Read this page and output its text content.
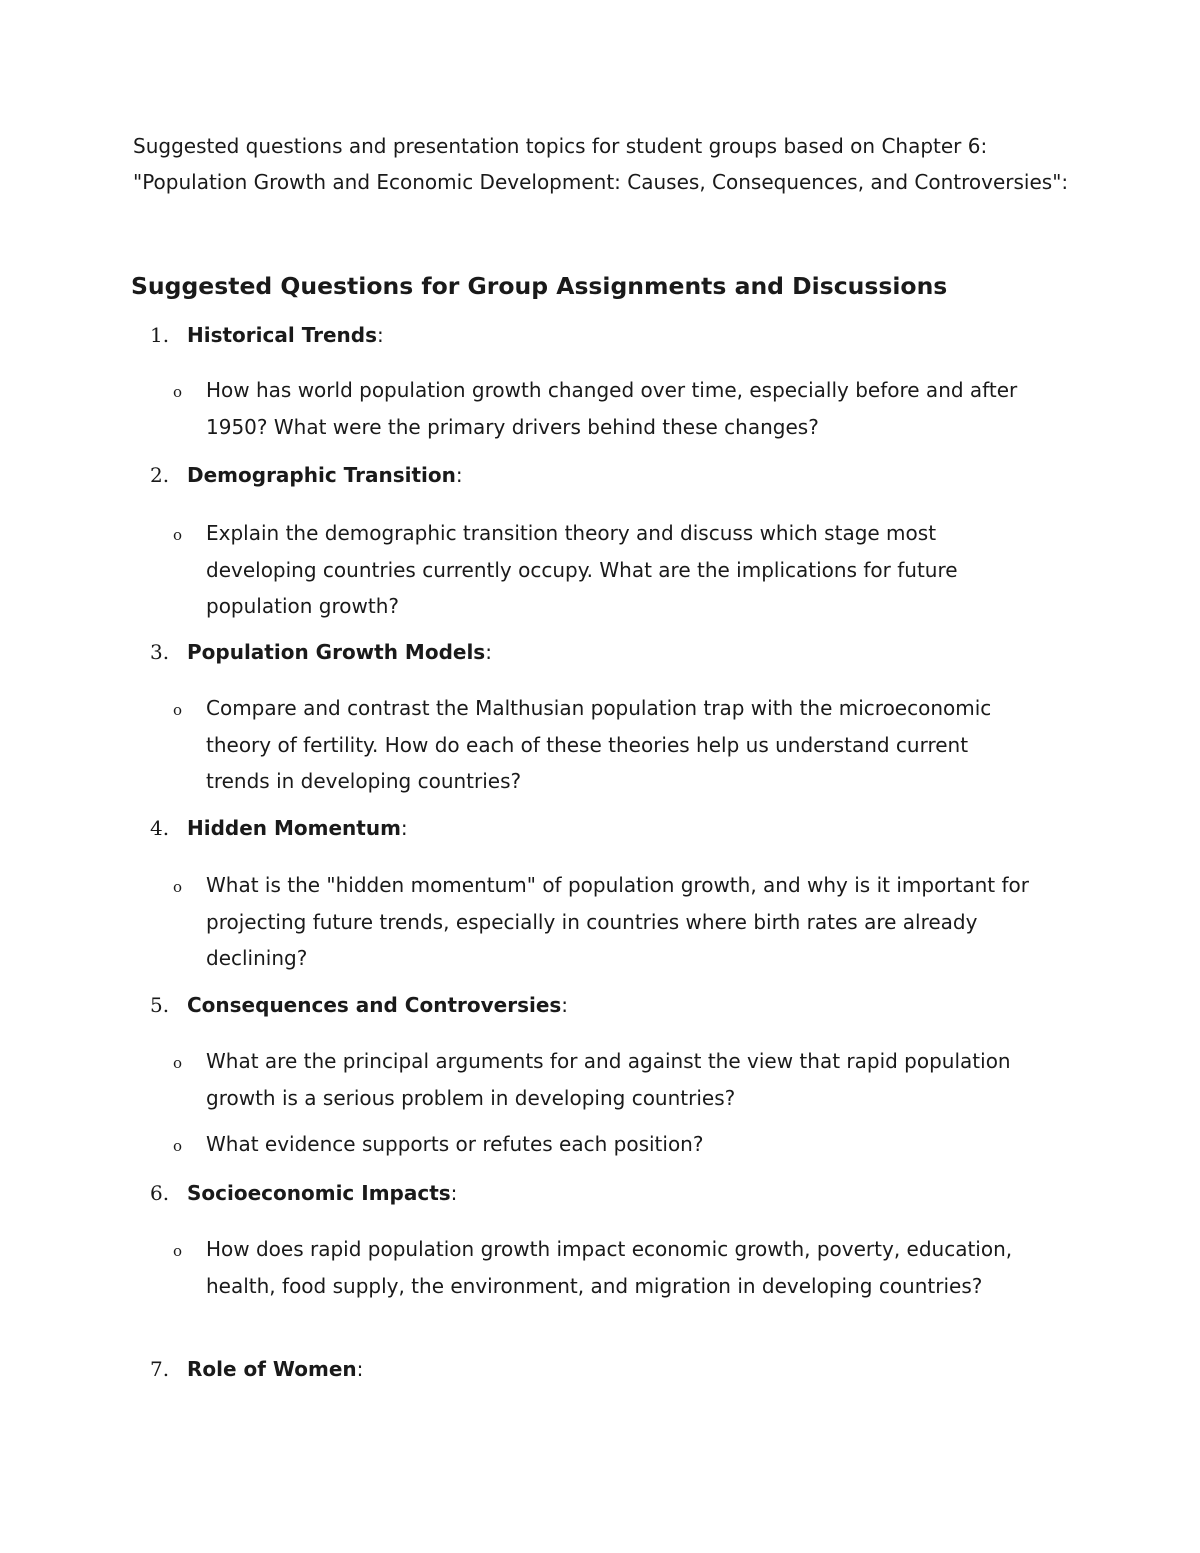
Suggested questions and presentation topics for student groups based on Chapter 6: "Population Growth and Economic Development: Causes, Consequences, and Controversies":

Suggested Questions for Group Assignments and Discussions
1. Historical Trends:
o How has world population growth changed over time, especially before and after 1950? What were the primary drivers behind these changes?
2. Demographic Transition:
o Explain the demographic transition theory and discuss which stage most developing countries currently occupy. What are the implications for future population growth?
3. Population Growth Models:
o Compare and contrast the Malthusian population trap with the microeconomic theory of fertility. How do each of these theories help us understand current trends in developing countries?
4. Hidden Momentum:
o What is the "hidden momentum" of population growth, and why is it important for projecting future trends, especially in countries where birth rates are already declining?
5. Consequences and Controversies:
o What are the principal arguments for and against the view that rapid population growth is a serious problem in developing countries?
o What evidence supports or refutes each position?
6. Socioeconomic Impacts:
o How does rapid population growth impact economic growth, poverty, education, health, food supply, the environment, and migration in developing countries?
7. Role of Women:
